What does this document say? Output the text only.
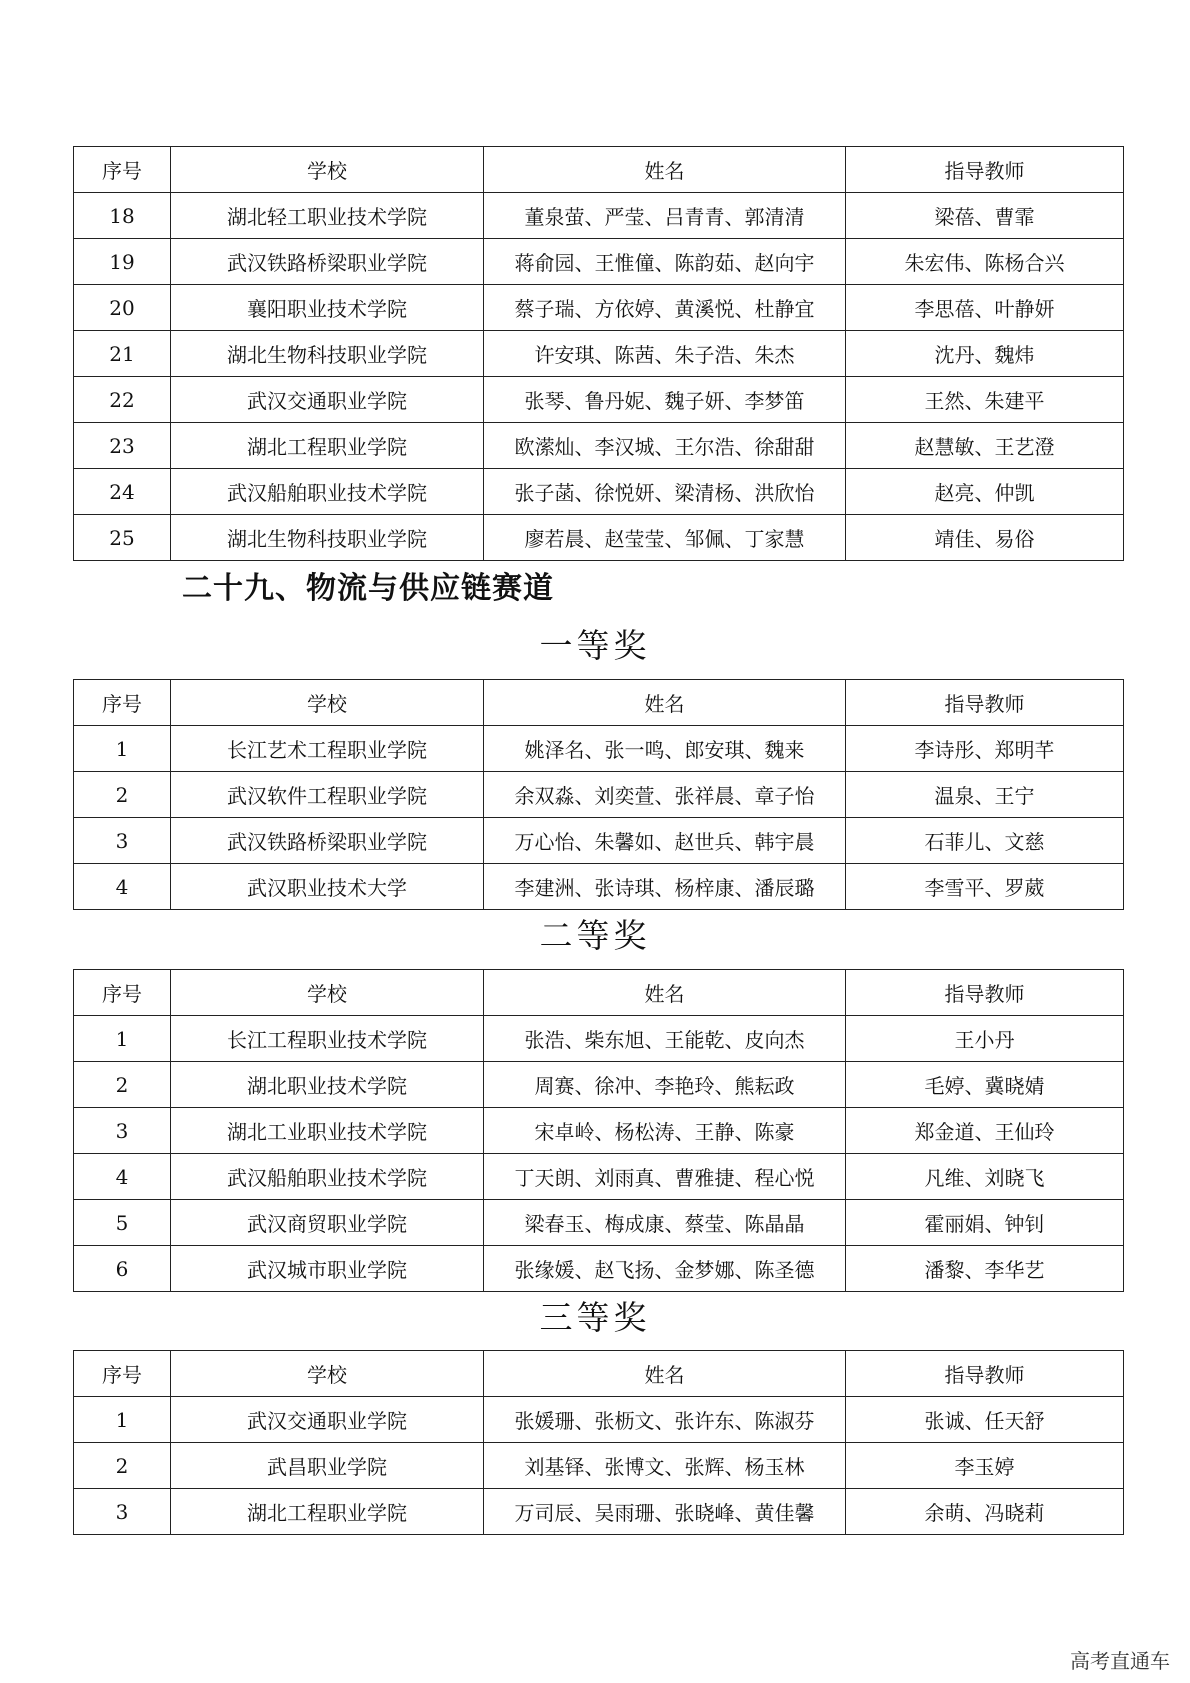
序号	学校	姓名	指导教师
18	湖北轻工职业技术学院	董泉萤、严莹、吕青青、郭清清	梁蓓、曹霏
19	武汉铁路桥梁职业学院	蒋俞园、王惟僮、陈韵茹、赵向宇	朱宏伟、陈杨合兴
20	襄阳职业技术学院	蔡子瑞、方依婷、黄溪悦、杜静宜	李思蓓、叶静妍
21	湖北生物科技职业学院	许安琪、陈茜、朱子浩、朱杰	沈丹、魏炜
22	武汉交通职业学院	张琴、鲁丹妮、魏子妍、李梦笛	王然、朱建平
23	湖北工程职业学院	欧潆灿、李汉城、王尔浩、徐甜甜	赵慧敏、王艺澄
24	武汉船舶职业技术学院	张子菡、徐悦妍、梁清杨、洪欣怡	赵亮、仲凯
25	湖北生物科技职业学院	廖若晨、赵莹莹、邹佩、丁家慧	靖佳、易俗
二十九、物流与供应链赛道
一等奖
序号	学校	姓名	指导教师
1	长江艺术工程职业学院	姚泽名、张一鸣、郎安琪、魏来	李诗彤、郑明芊
2	武汉软件工程职业学院	余双淼、刘奕萱、张祥晨、章子怡	温泉、王宁
3	武汉铁路桥梁职业学院	万心怡、朱馨如、赵世兵、韩宇晨	石菲儿、文慈
4	武汉职业技术大学	李建洲、张诗琪、杨梓康、潘辰璐	李雪平、罗葳
二等奖
序号	学校	姓名	指导教师
1	长江工程职业技术学院	张浩、柴东旭、王能乾、皮向杰	王小丹
2	湖北职业技术学院	周赛、徐冲、李艳玲、熊耘政	毛婷、冀晓婧
3	湖北工业职业技术学院	宋卓岭、杨松涛、王静、陈豪	郑金道、王仙玲
4	武汉船舶职业技术学院	丁天朗、刘雨真、曹雅捷、程心悦	凡维、刘晓飞
5	武汉商贸职业学院	梁春玉、梅成康、蔡莹、陈晶晶	霍丽娟、钟钊
6	武汉城市职业学院	张缘媛、赵飞扬、金梦娜、陈圣德	潘黎、李华艺
三等奖
序号	学校	姓名	指导教师
1	武汉交通职业学院	张媛珊、张枥文、张许东、陈淑芬	张诚、任天舒
2	武昌职业学院	刘基铎、张博文、张辉、杨玉林	李玉婷
3	湖北工程职业学院	万司辰、吴雨珊、张晓峰、黄佳馨	余萌、冯晓莉
高考直通车
